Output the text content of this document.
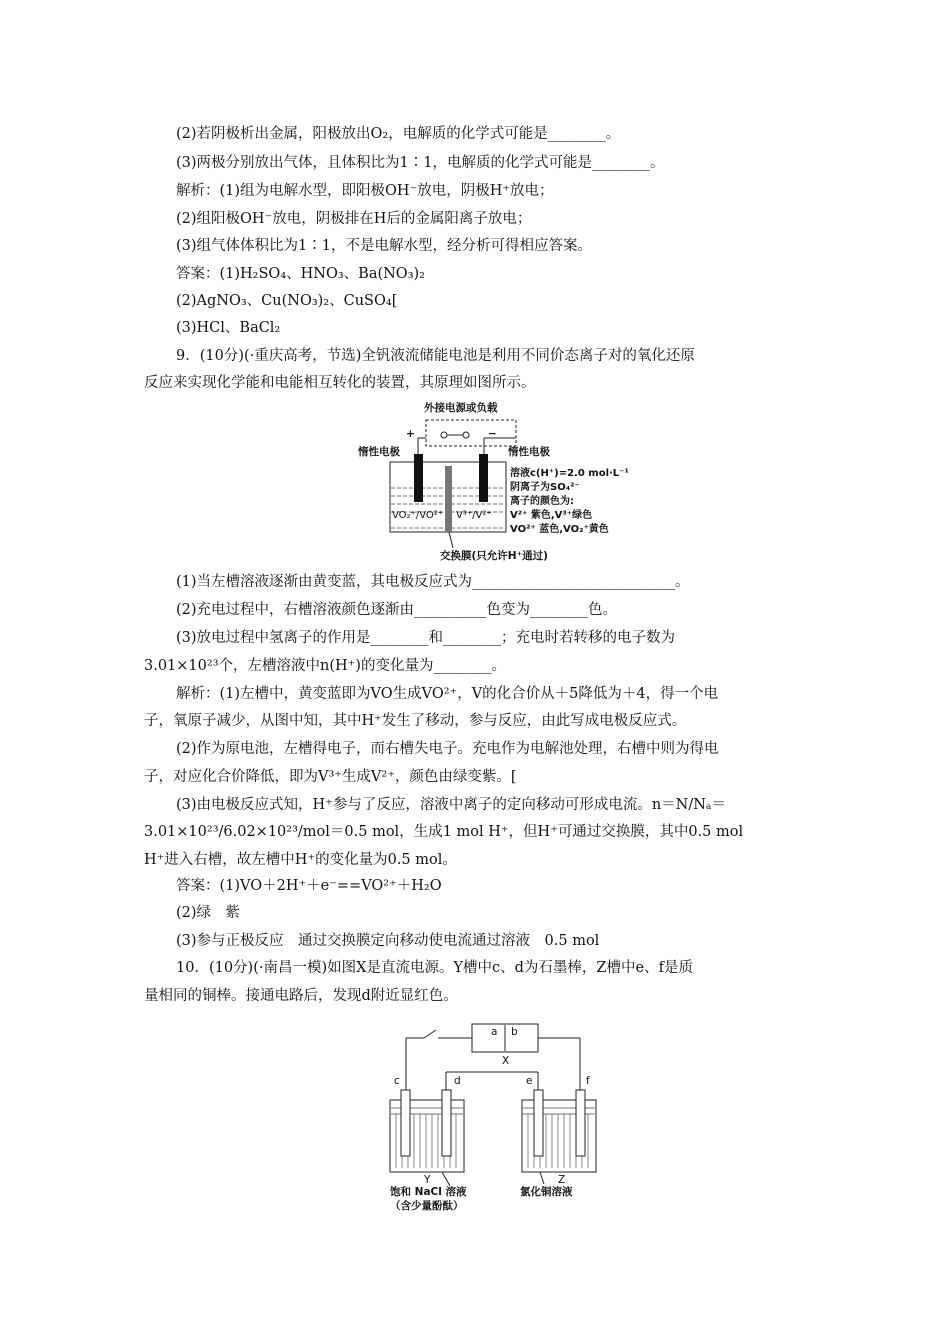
(2)若阴极析出金属，阳极放出O₂，电解质的化学式可能是________。
(3)两极分别放出气体，且体积比为1∶1，电解质的化学式可能是________。
解析：(1)组为电解水型，即阳极OH⁻放电，阴极H⁺放电；
(2)组阳极OH⁻放电，阴极排在H后的金属阳离子放电；
(3)组气体体积比为1∶1，不是电解水型，经分析可得相应答案。
答案：(1)H₂SO₄、HNO₃、Ba(NO₃)₂
(2)AgNO₃、Cu(NO₃)₂、CuSO₄[
(3)HCl、BaCl₂
9．(10分)(·重庆高考，节选)全钒液流储能电池是利用不同价态离子对的氧化还原
反应来实现化学能和电能相互转化的装置，其原理如图所示。
外接电源或负载
+	−
惰性电极	惰性电极
溶液c(H⁺)=2.0 mol·L⁻¹
阴离子为SO₄²⁻
离子的颜色为:
V²⁺ 紫色,V³⁺绿色
VO²⁺ 蓝色,VO₂⁺黄色
VO₂⁺/VO²⁺ V³⁺/V²⁺
交换膜(只允许H⁺通过)
(1)当左槽溶液逐渐由黄变蓝，其电极反应式为____________________________。
(2)充电过程中，右槽溶液颜色逐渐由__________色变为________色。
(3)放电过程中氢离子的作用是________和________；充电时若转移的电子数为
3.01×10²³个，左槽溶液中n(H⁺)的变化量为________。
解析：(1)左槽中，黄变蓝即为VO生成VO²⁺，V的化合价从＋5降低为＋4，得一个电
子，氧原子减少，从图中知，其中H⁺发生了移动，参与反应，由此写成电极反应式。
(2)作为原电池，左槽得电子，而右槽失电子。充电作为电解池处理，右槽中则为得电
子，对应化合价降低，即为V³⁺生成V²⁺，颜色由绿变紫。[
(3)由电极反应式知，H⁺参与了反应，溶液中离子的定向移动可形成电流。n＝N/Nₐ＝
3.01×10²³/6.02×10²³/mol＝0.5 mol，生成1 mol H⁺，但H⁺可通过交换膜，其中0.5 mol
H⁺进入右槽，故左槽中H⁺的变化量为0.5 mol。
答案：(1)VO＋2H⁺＋e⁻==VO²⁺＋H₂O
(2)绿　紫
(3)参与正极反应　通过交换膜定向移动使电流通过溶液　0.5 mol
10．(10分)(·南昌一模)如图X是直流电源。Y槽中c、d为石墨棒，Z槽中e、f是质
量相同的铜棒。接通电路后，发现d附近显红色。
a b
X
c	d	e	f
Y	Z
饱和 NaCl 溶液
（含少量酚酞）
氯化铜溶液
